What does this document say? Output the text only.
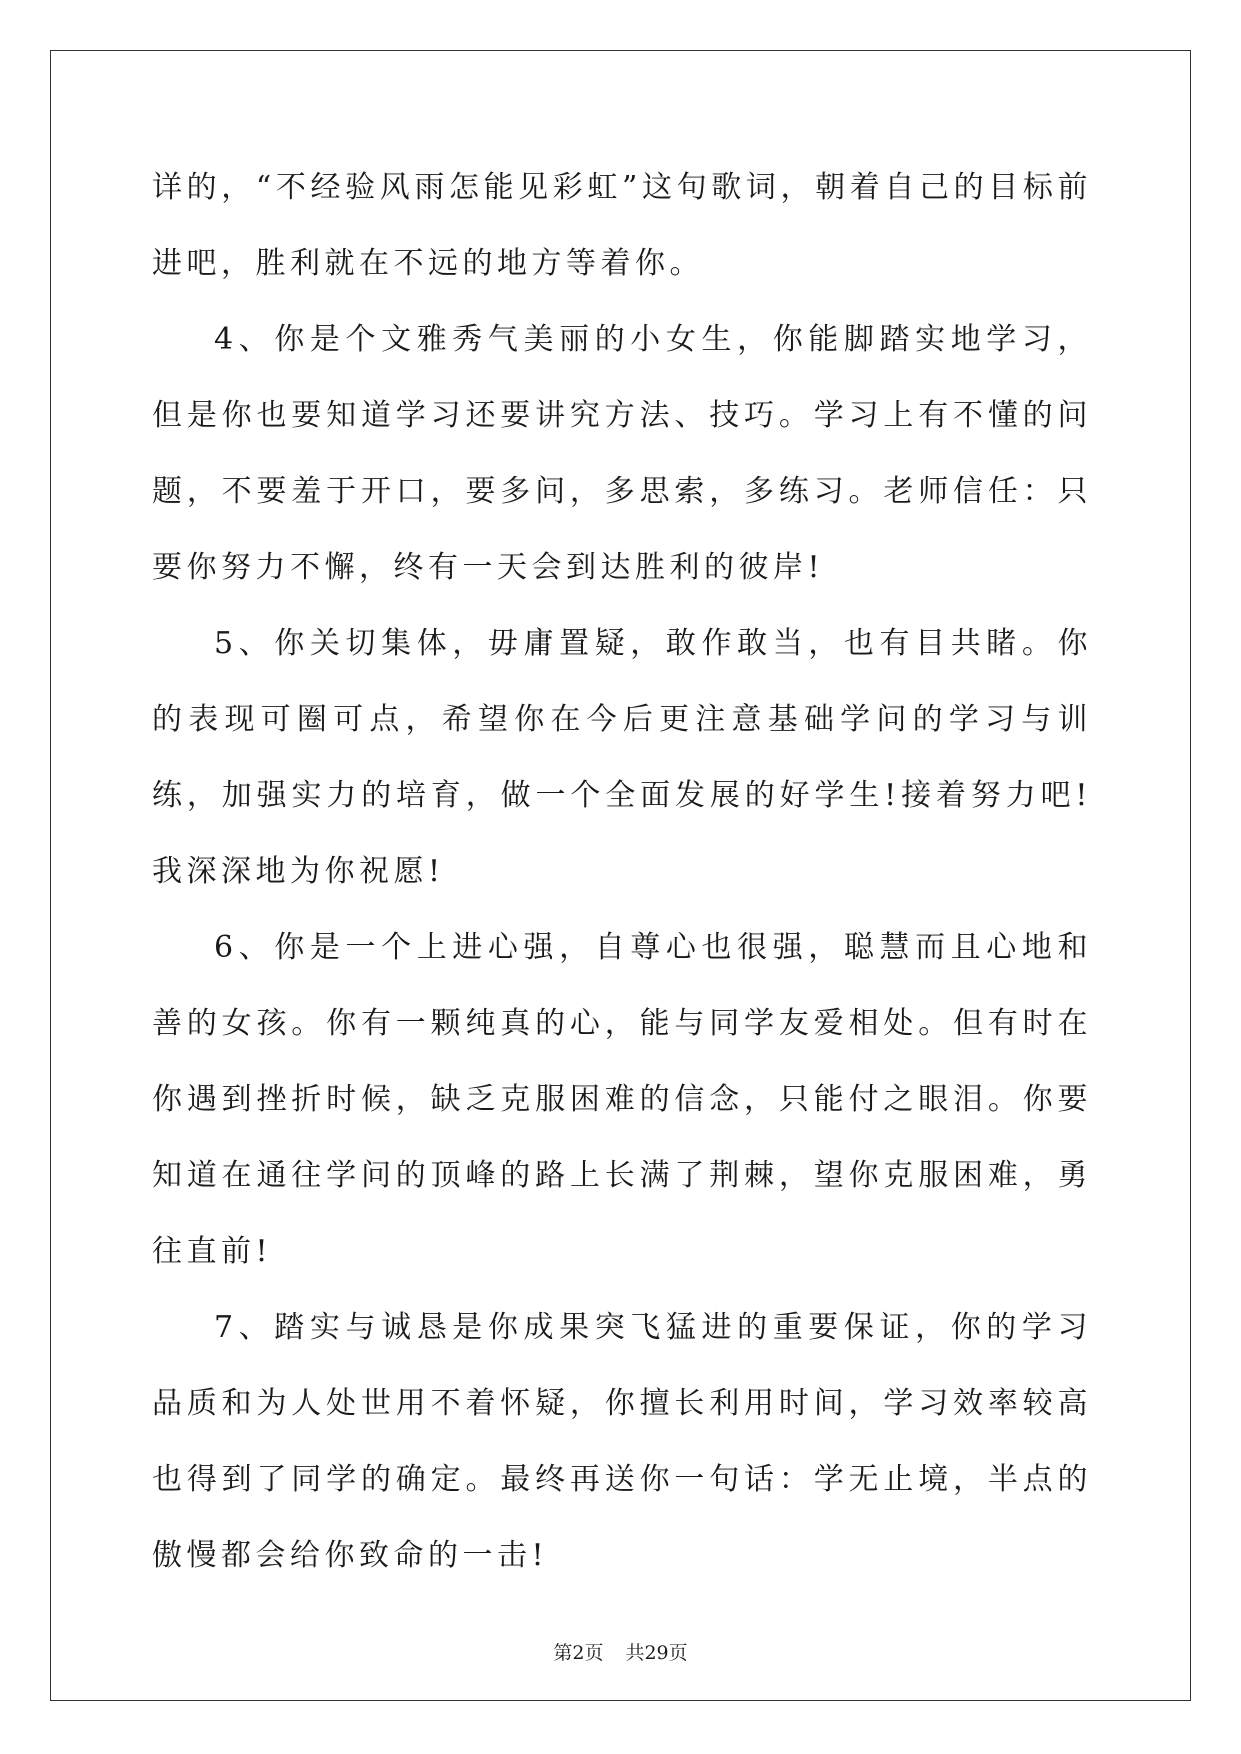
详的，“不经验风雨怎能见彩虹”这句歌词，朝着自己的目标前进吧，胜利就在不远的地方等着你。

4、你是个文雅秀气美丽的小女生，你能脚踏实地学习，但是你也要知道学习还要讲究方法、技巧。学习上有不懂的问题，不要羞于开口，要多问，多思索，多练习。老师信任：只要你努力不懈，终有一天会到达胜利的彼岸!

5、你关切集体，毋庸置疑，敢作敢当，也有目共睹。你的表现可圈可点，希望你在今后更注意基础学问的学习与训练，加强实力的培育，做一个全面发展的好学生!接着努力吧!我深深地为你祝愿!

6、你是一个上进心强，自尊心也很强，聪慧而且心地和善的女孩。你有一颗纯真的心，能与同学友爱相处。但有时在你遇到挫折时候，缺乏克服困难的信念，只能付之眼泪。你要知道在通往学问的顶峰的路上长满了荆棘，望你克服困难，勇往直前!

7、踏实与诚恳是你成果突飞猛进的重要保证，你的学习品质和为人处世用不着怀疑，你擅长利用时间，学习效率较高也得到了同学的确定。最终再送你一句话：学无止境，半点的傲慢都会给你致命的一击!

第2页 共29页
